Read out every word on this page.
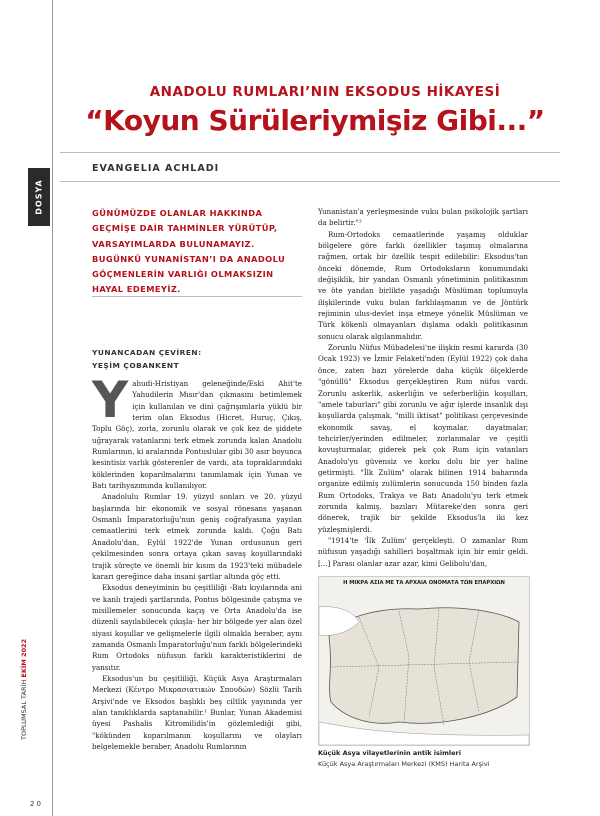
DOSYA
TOPLUMSAL TARİH EKİM 2022
20
ANADOLU RUMLARI’NIN EKSODUS HİKAYESİ
“Koyun Sürüleriymişiz Gibi...”
EVANGELIA ACHLADI
GÜNÜMÜZDE OLANLAR HAKKINDA GEÇMİŞE DAİR TAHMİNLER YÜRÜTÜP, VARSAYIMLARDA BULUNAMAYIZ. BUGÜNKÜ YUNANİSTAN’I DA ANADOLU GÖÇMENLERİN VARLIĞI OLMAKSIZIN HAYAL EDEMEYİZ.
YUNANCADAN ÇEVİREN:
YEŞİM ÇOBANKENT

Yahudi-Hristiyan geleneğinde/Eski Ahit'te Yahudilerin Mısır'dan çıkmasını betimlemek için kullanılan ve dini çağrışımlarla yüklü bir terim olan Eksodus (Hicret, Huruç, Çıkış, Toplu Göç), zorla, zorunlu olarak ve çok kez de şiddete uğrayarak vatanlarını terk etmek zorunda kalan Anadolu Rumlarının, ki aralarında Pontuslular gibi 30 asır boyunca kesintisiz varlık gösterenler de vardı, ata topraklarındaki köklerinden koparılmalarını tanımlamak için Yunan ve Batı tarihyazımında kullanılıyor.

Anadolulu Rumlar 19. yüzyıl sonları ve 20. yüzyıl başlarında bir ekonomik ve sosyal rönesans yaşanan Osmanlı İmparatorluğu'nun geniş coğrafyasına yayılan cemaatlerini terk etmek zorunda kaldı. Çoğu Batı Anadolu'dan, Eylül 1922'de Yunan ordusunun geri çekilmesinden sonra ortaya çıkan savaş koşullarındaki trajik süreçte ve önemli bir kısım da 1923'teki mübadele kararı gereğince daha insani şartlar altında göç etti.

Eksodus deneyiminin bu çeşitliliği -Batı kıyılarında ani ve kanlı trajedi şartlarında, Pontus bölgesinde çatışma ve misillemeler sonucunda kaçış ve Orta Anadolu'da ise düzenli sayılabilecek çıkışla- her bir bölgede yer alan özel siyasi koşullar ve gelişmelerle ilgili olmakla beraber, aynı zamanda Osmanlı İmparatorluğu'nun farklı bölgelerindeki Rum Ortodoks nüfusun farklı karakteristiklerini de yansıtır.

Eksodus'un bu çeşitliliği, Küçük Asya Araştırmaları Merkezi (Κέντρο Μικρασιατικών Σπουδών) Sözlü Tarih Arşivi'nde ve Eksodos başlıklı beş ciltlik yayınında yer alan tanıklıklarda saptanabilir.¹ Bunlar, Yunan Akademisi üyesi Pashalis Kitromilidis'in gözlemlediği gibi, "kökünden koparılmanın koşullarını ve olayları belgelemekle beraber, Anadolu Rumlarının

Yunanistan'a yerleşmesinde vuku bulan psikolojik şartları da belirtir."²

Rum-Ortodoks cemaatlerinde yaşamış olduklar bölgelere göre farklı özellikler taşımış olmalarına rağmen, ortak bir özellik tespit edilebilir: Eksodus'tan önceki dönemde, Rum Ortodoksların konumundaki değişiklik, bir yandan Osmanlı yönetiminin politikasının ve öte yandan birlikte yaşadığı Müslüman toplumuyla ilişkilerinde vuku bulan farklılaşmanın ve de Jöntürk rejiminin ulus-devlet inşa etmeye yönelik Müslüman ve Türk kökenli olmayanları dışlama odaklı politikasının sonucu olarak algılanmalıdır.

Zorunlu Nüfus Mübadelesi'ne ilişkin resmi kararda (30 Ocak 1923) ve İzmir Felaketi'nden (Eylül 1922) çok daha önce, zaten bazı yörelerde daha küçük ölçeklerde "gönüllü" Eksodus gerçekleştiren Rum nüfus vardı. Zorunlu askerlik, askerliğin ve seferberliğin koşulları, "amele taburları" gibi zorunlu ve ağır işlerde insanlık dışı koşullarda çalışmak, "milli iktisat" politikası çerçevesinde ekonomik savaş, el koymalar, dayatmalar, tehcirler/yerinden edilmeler, zorlanmalar ve çeşitli kovuşturmalar, giderek pek çok Rum için vatanları Anadolu'yu güvensiz ve korku dolu bir yer haline getirmişti. "İlk Zulüm" olarak bilinen 1914 baharında organize edilmiş zulümlerin sonucunda 150 binden fazla Rum Ortodoks, Trakya ve Batı Anadolu'yu terk etmek zorunda kalmış, bazıları Mütareke'den sonra geri dönerek, trajik bir şekilde Eksodus'la iki kez yüzleşmişlerdi.

"1914'te 'İlk Zulüm' gerçekleşti. O zamanlar Rum nüfusun yaşadığı sahilleri boşaltmak için bir emir geldi. [...] Parası olanlar azar azar, kimi Gelibolu'dan,

Η ΜΙΚΡΑ ΑΣΙΑ ΜΕ ΤΑ ΑΡΧΑΙΑ ΟΝΟΜΑΤΑ ΤΩΝ ΕΠΑΡΧΙΩΝ
Küçük Asya vilayetlerinin antik isimleri
Küçük Asya Araştırmaları Merkezi (KMS) Harita Arşivi
